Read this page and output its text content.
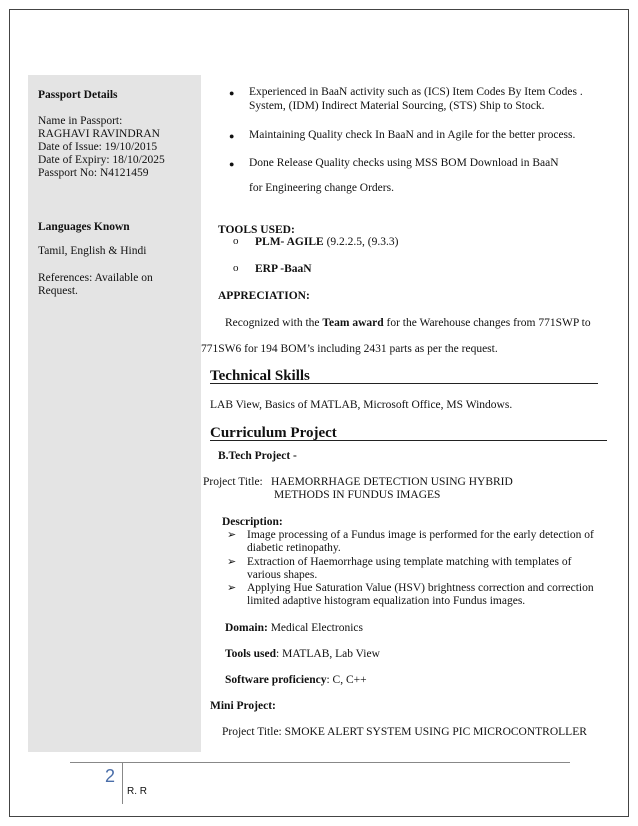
Passport Details
Name in Passport:
RAGHAVI RAVINDRAN
Date of Issue: 19/10/2015
Date of Expiry: 18/10/2025
Passport No: N4121459
Languages Known
Tamil, English & Hindi
References: Available on
Request.
● Experienced in BaaN activity such as (ICS) Item Codes By Item Codes .
System, (IDM) Indirect Material Sourcing, (STS) Ship to Stock.
● Maintaining Quality check In BaaN and in Agile for the better process.
● Done Release Quality checks using MSS BOM Download in BaaN
for Engineering change Orders.
TOOLS USED:
o PLM- AGILE (9.2.2.5, (9.3.3)
o ERP -BaaN
APPRECIATION:
Recognized with the Team award for the Warehouse changes from 771SWP to
771SW6 for 194 BOM’s including 2431 parts as per the request.
Technical Skills
LAB View, Basics of MATLAB, Microsoft Office, MS Windows.
Curriculum Project
B.Tech Project -
Project Title: HAEMORRHAGE DETECTION USING HYBRID
METHODS IN FUNDUS IMAGES
Description:
➢ Image processing of a Fundus image is performed for the early detection of
diabetic retinopathy.
➢ Extraction of Haemorrhage using template matching with templates of
various shapes.
➢ Applying Hue Saturation Value (HSV) brightness correction and correction
limited adaptive histogram equalization into Fundus images.
Domain: Medical Electronics
Tools used: MATLAB, Lab View
Software proficiency: C, C++
Mini Project:
Project Title: SMOKE ALERT SYSTEM USING PIC MICROCONTROLLER
2
R. R
